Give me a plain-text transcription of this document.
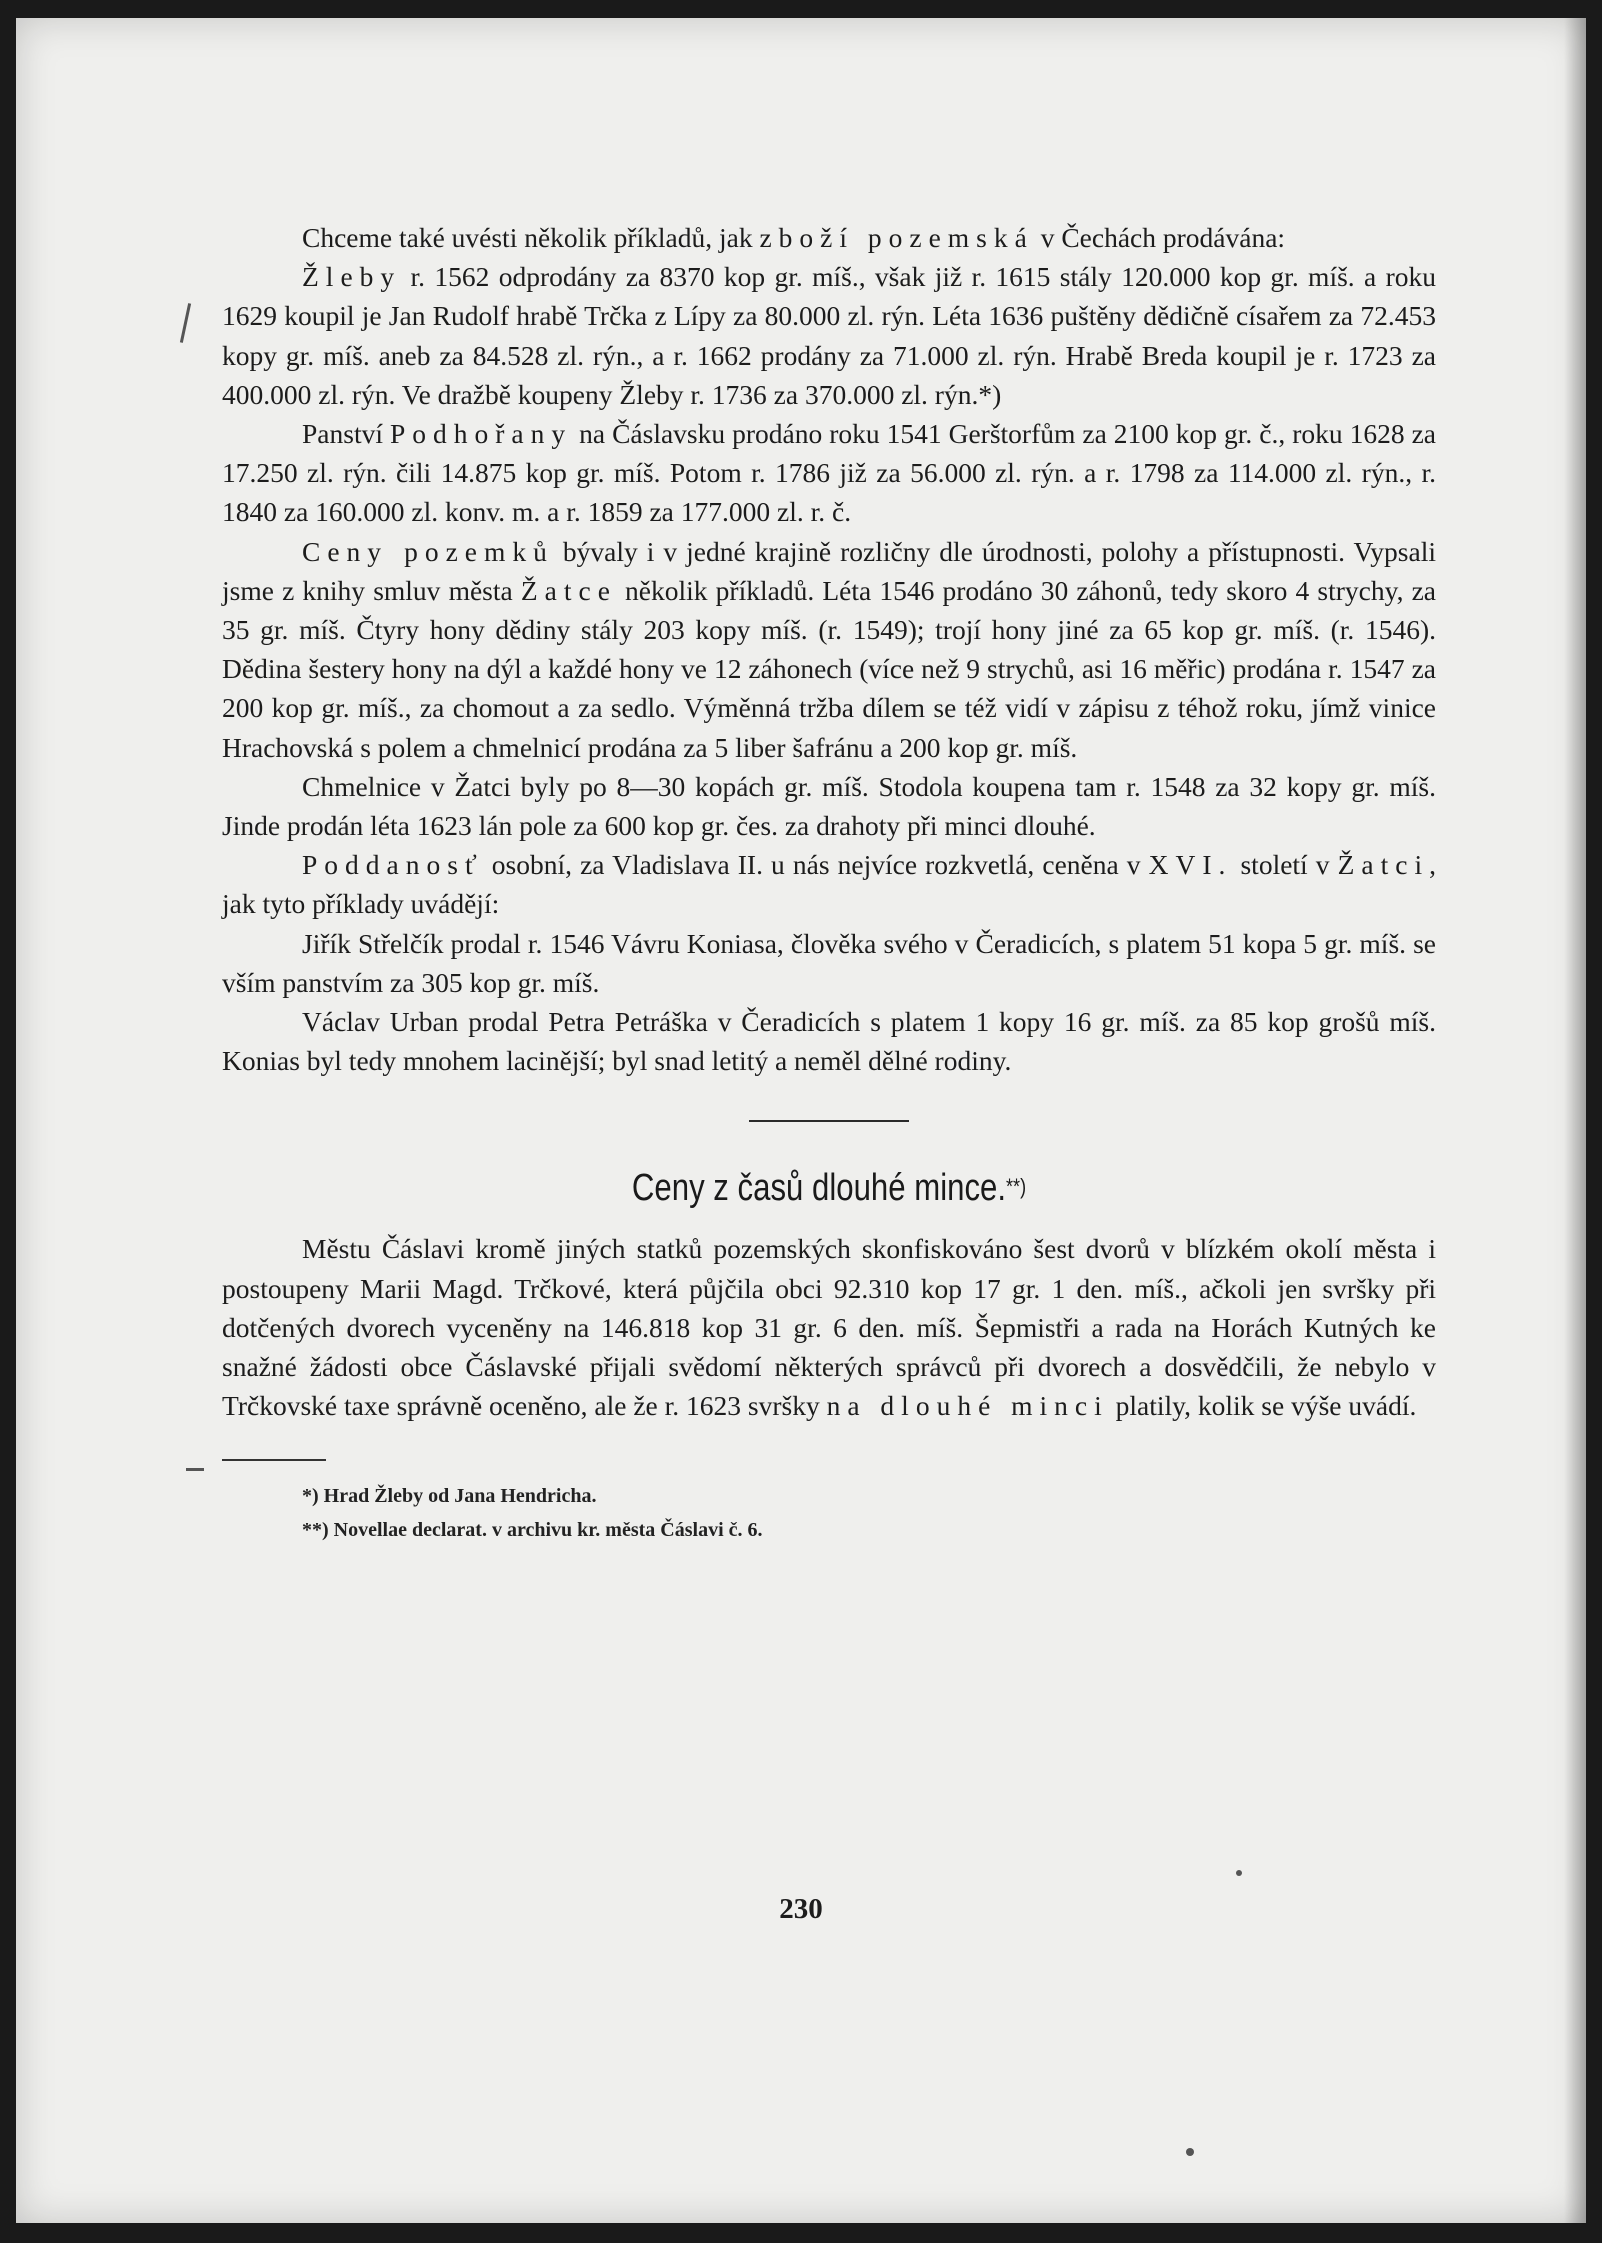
Chceme také uvésti několik příkladů, jak zboží pozemská v Čechách prodávána:

Žleby r. 1562 odprodány za 8370 kop gr. míš., však již r. 1615 stály 120.000 kop gr. míš. a roku 1629 koupil je Jan Rudolf hrabě Trčka z Lípy za 80.000 zl. rýn. Léta 1636 puštěny dědičně císařem za 72.453 kopy gr. míš. aneb za 84.528 zl. rýn., a r. 1662 prodány za 71.000 zl. rýn. Hrabě Breda koupil je r. 1723 za 400.000 zl. rýn. Ve dražbě koupeny Žleby r. 1736 za 370.000 zl. rýn.*)

Panství Podhořany na Čáslavsku prodáno roku 1541 Gerštorfům za 2100 kop gr. č., roku 1628 za 17.250 zl. rýn. čili 14.875 kop gr. míš. Potom r. 1786 již za 56.000 zl. rýn. a r. 1798 za 114.000 zl. rýn., r. 1840 za 160.000 zl. konv. m. a r. 1859 za 177.000 zl. r. č.

Ceny pozemků bývaly i v jedné krajině rozličny dle úrodnosti, polohy a přístupnosti. Vypsali jsme z knihy smluv města Žatce několik příkladů. Léta 1546 prodáno 30 záhonů, tedy skoro 4 strychy, za 35 gr. míš. Čtyry hony dědiny stály 203 kopy míš. (r. 1549); trojí hony jiné za 65 kop gr. míš. (r. 1546). Dědina šestery hony na dýl a každé hony ve 12 záhonech (více než 9 strychů, asi 16 měřic) prodána r. 1547 za 200 kop gr. míš., za chomout a za sedlo. Výměnná tržba dílem se též vidí v zápisu z téhož roku, jímž vinice Hrachovská s polem a chmelnicí prodána za 5 liber šafránu a 200 kop gr. míš.

Chmelnice v Žatci byly po 8—30 kopách gr. míš. Stodola koupena tam r. 1548 za 32 kopy gr. míš. Jinde prodán léta 1623 lán pole za 600 kop gr. čes. za drahoty při minci dlouhé.

Poddanosť osobní, za Vladislava II. u nás nejvíce rozkvetlá, ceněna v XVI. století v Žatci, jak tyto příklady uvádějí:

Jiřík Střelčík prodal r. 1546 Vávru Koniasa, člověka svého v Čeradicích, s platem 51 kopa 5 gr. míš. se vším panstvím za 305 kop gr. míš.

Václav Urban prodal Petra Petráška v Čeradicích s platem 1 kopy 16 gr. míš. za 85 kop grošů míš. Konias byl tedy mnohem lacinější; byl snad letitý a neměl dělné rodiny.

Ceny z časů dlouhé mince.**)

Městu Čáslavi kromě jiných statků pozemských skonfiskováno šest dvorů v blízkém okolí města i postoupeny Marii Magd. Trčkové, která půjčila obci 92.310 kop 17 gr. 1 den. míš., ačkoli jen svršky při dotčených dvorech vyceněny na 146.818 kop 31 gr. 6 den. míš. Šepmistři a rada na Horách Kutných ke snažné žádosti obce Čáslavské přijali svědomí některých správců při dvorech a dosvědčili, že nebylo v Trčkovské taxe správně oceněno, ale že r. 1623 svršky na dlouhé minci platily, kolik se výše uvádí.

*) Hrad Žleby od Jana Hendricha.
**) Novellae declarat. v archivu kr. města Čáslavi č. 6.
230
